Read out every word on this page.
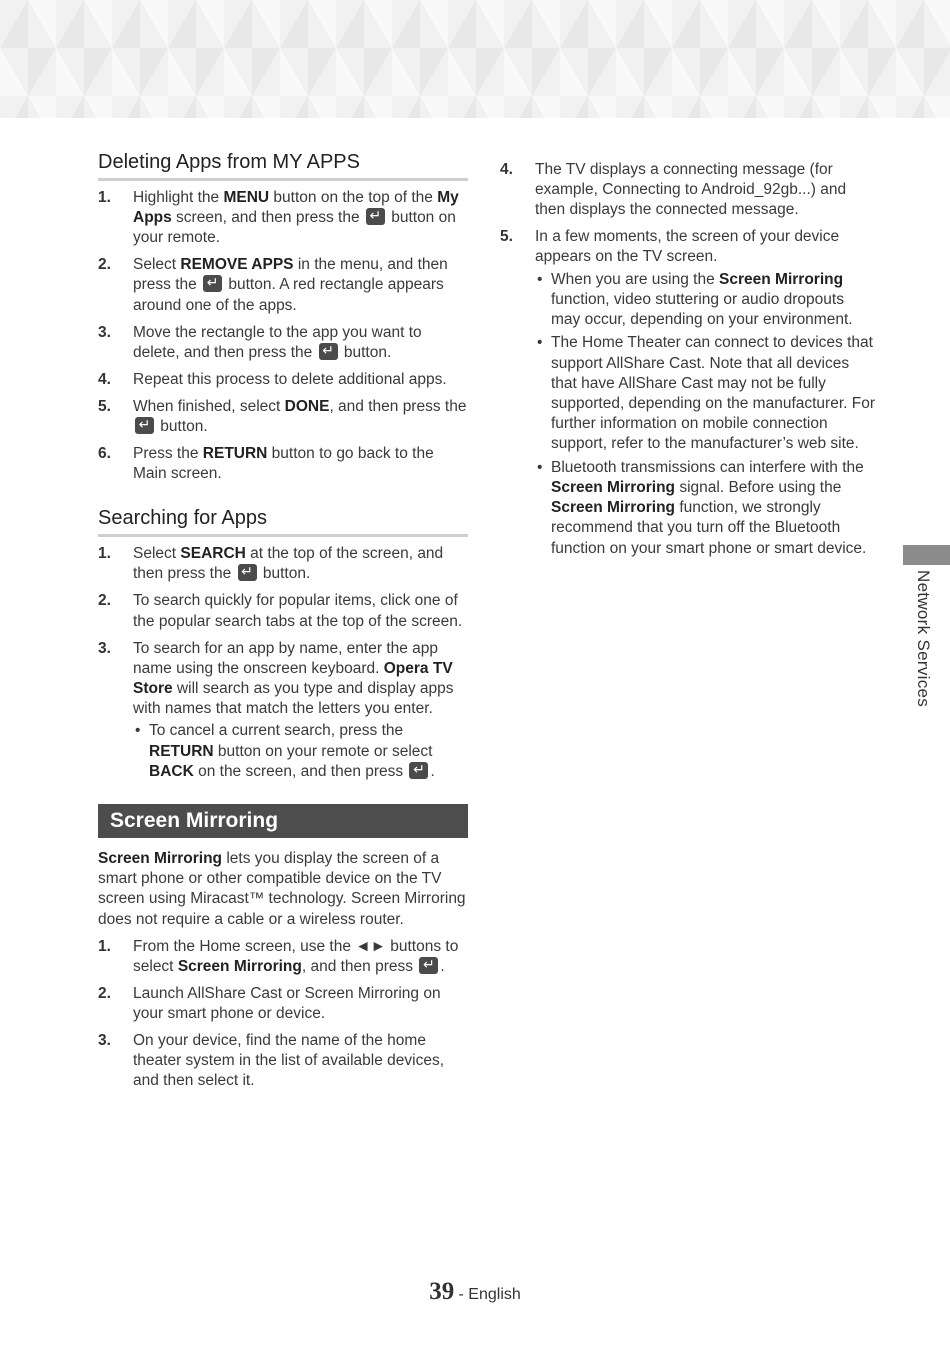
Deleting Apps from MY APPS
1.	Highlight the MENU button on the top of the My Apps screen, and then press the ↵ button on your remote.
2.	Select REMOVE APPS in the menu, and then press the ↵ button. A red rectangle appears around one of the apps.
3.	Move the rectangle to the app you want to delete, and then press the ↵ button.
4.	Repeat this process to delete additional apps.
5.	When finished, select DONE, and then press the ↵ button.
6.	Press the RETURN button to go back to the Main screen.
Searching for Apps
1.	Select SEARCH at the top of the screen, and then press the ↵ button.
2.	To search quickly for popular items, click one of the popular search tabs at the top of the screen.
3.	To search for an app by name, enter the app name using the onscreen keyboard. Opera TV Store will search as you type and display apps with names that match the letters you enter.
• To cancel a current search, press the RETURN button on your remote or select BACK on the screen, and then press ↵.
Screen Mirroring

Screen Mirroring lets you display the screen of a smart phone or other compatible device on the TV screen using Miracast™ technology. Screen Mirroring does not require a cable or a wireless router.

1.	From the Home screen, use the ◄► buttons to select Screen Mirroring, and then press ↵.
2.	Launch AllShare Cast or Screen Mirroring on your smart phone or device.
3.	On your device, find the name of the home theater system in the list of available devices, and then select it.
4.	The TV displays a connecting message (for example, Connecting to Android_92gb...) and then displays the connected message.
5.	In a few moments, the screen of your device appears on the TV screen.
• When you are using the Screen Mirroring function, video stuttering or audio dropouts may occur, depending on your environment.
• The Home Theater can connect to devices that support AllShare Cast. Note that all devices that have AllShare Cast may not be fully supported, depending on the manufacturer. For further information on mobile connection support, refer to the manufacturer’s web site.
• Bluetooth transmissions can interfere with the Screen Mirroring signal. Before using the Screen Mirroring function, we strongly recommend that you turn off the Bluetooth function on your smart phone or smart device.
Network Services
39 - English
